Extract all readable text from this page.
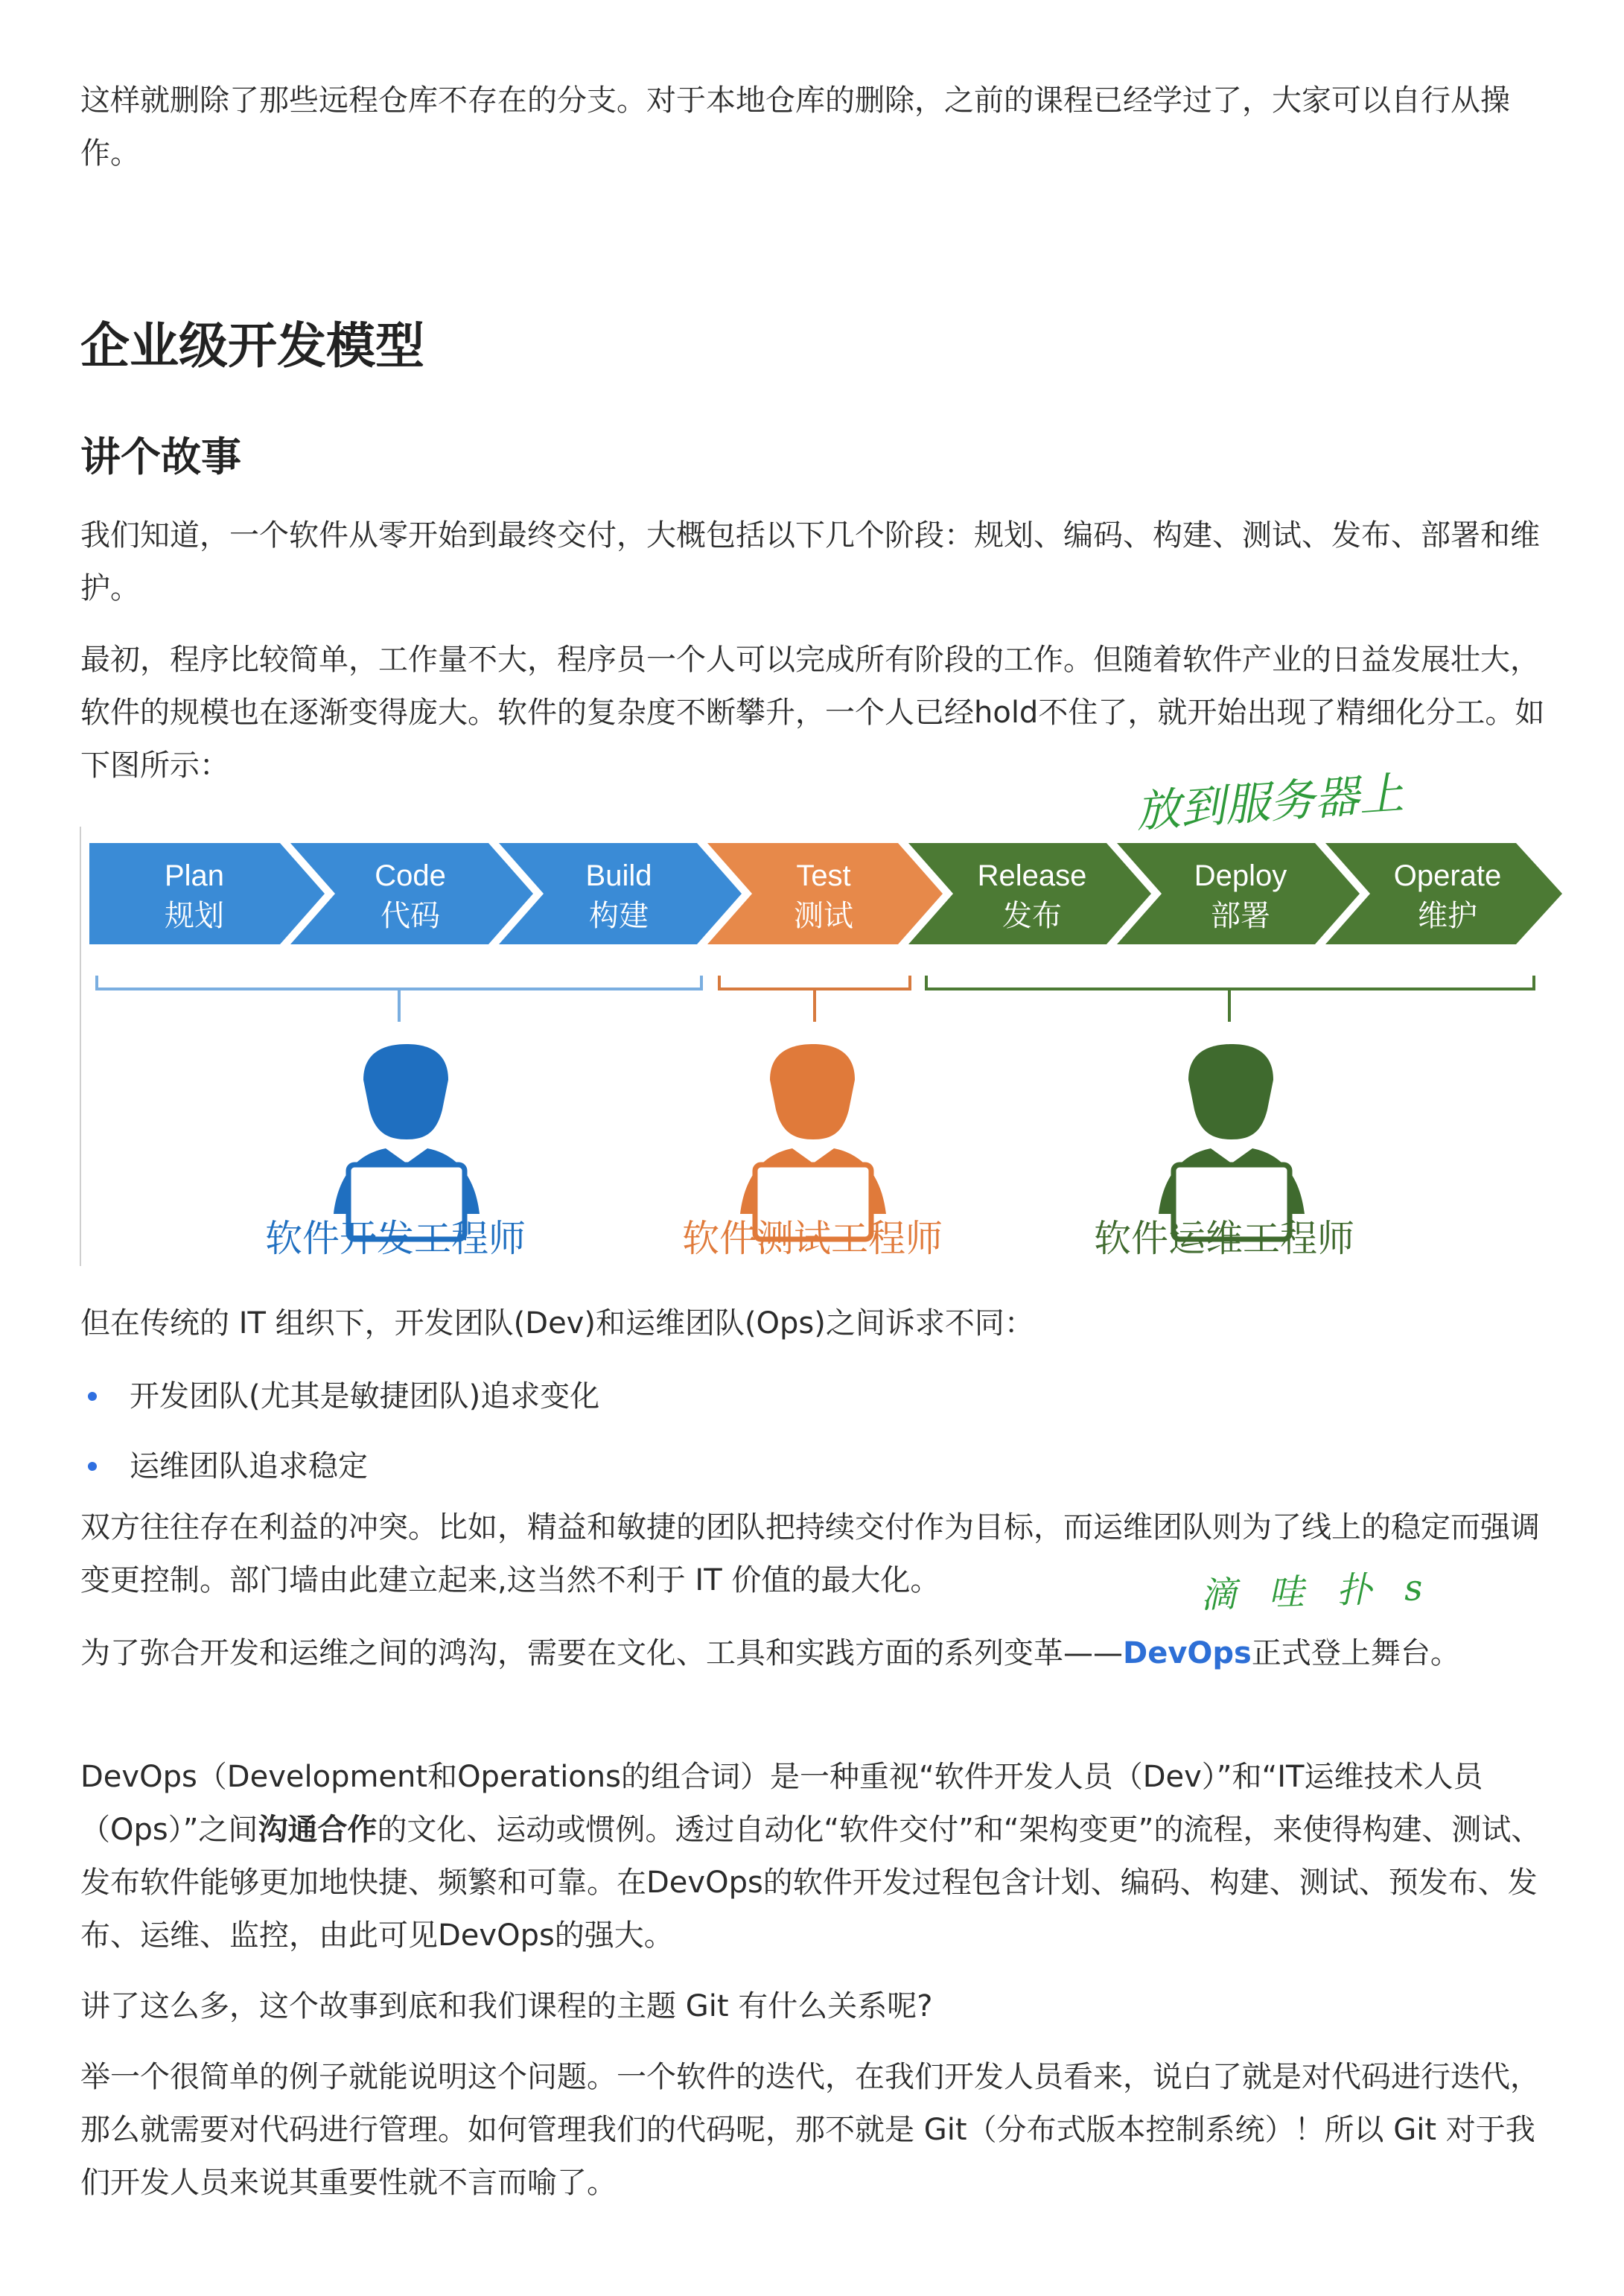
这样就删除了那些远程仓库不存在的分支。对于本地仓库的删除，之前的课程已经学过了，大家可以自行从操作。

企业级开发模型
讲个故事

我们知道，一个软件从零开始到最终交付，大概包括以下几个阶段：规划、编码、构建、测试、发布、部署和维护。

最初，程序比较简单，工作量不大，程序员一个人可以完成所有阶段的工作。但随着软件产业的日益发展壮大，软件的规模也在逐渐变得庞大。软件的复杂度不断攀升，一个人已经hold不住了，就开始出现了精细化分工。如下图所示：

放到服务器上
Plan
规划
Code
代码
Build
构建
Test
测试
Release
发布
Deploy
部署
Operate
维护
软件开发工程师	软件测试工程师	软件运维工程师

但在传统的 IT 组织下，开发团队(Dev)和运维团队(Ops)之间诉求不同：

开发团队(尤其是敏捷团队)追求变化
运维团队追求稳定

双方往往存在利益的冲突。比如，精益和敏捷的团队把持续交付作为目标，而运维团队则为了线上的稳定而强调变更控制。部门墙由此建立起来,这当然不利于 IT 价值的最大化。	滴 哇 扑 s

为了弥合开发和运维之间的鸿沟，需要在文化、工具和实践方面的系列变革——DevOps正式登上舞台。

DevOps（Development和Operations的组合词）是一种重视“软件开发人员（Dev）”和“IT运维技术人员（Ops）”之间沟通合作的文化、运动或惯例。透过自动化“软件交付”和“架构变更”的流程，来使得构建、测试、发布软件能够更加地快捷、频繁和可靠。在DevOps的软件开发过程包含计划、编码、构建、测试、预发布、发布、运维、监控，由此可见DevOps的强大。

讲了这么多，这个故事到底和我们课程的主题 Git 有什么关系呢?

举一个很简单的例子就能说明这个问题。一个软件的迭代，在我们开发人员看来，说白了就是对代码进行迭代，那么就需要对代码进行管理。如何管理我们的代码呢，那不就是 Git（分布式版本控制系统）！所以 Git 对于我们开发人员来说其重要性就不言而喻了。
